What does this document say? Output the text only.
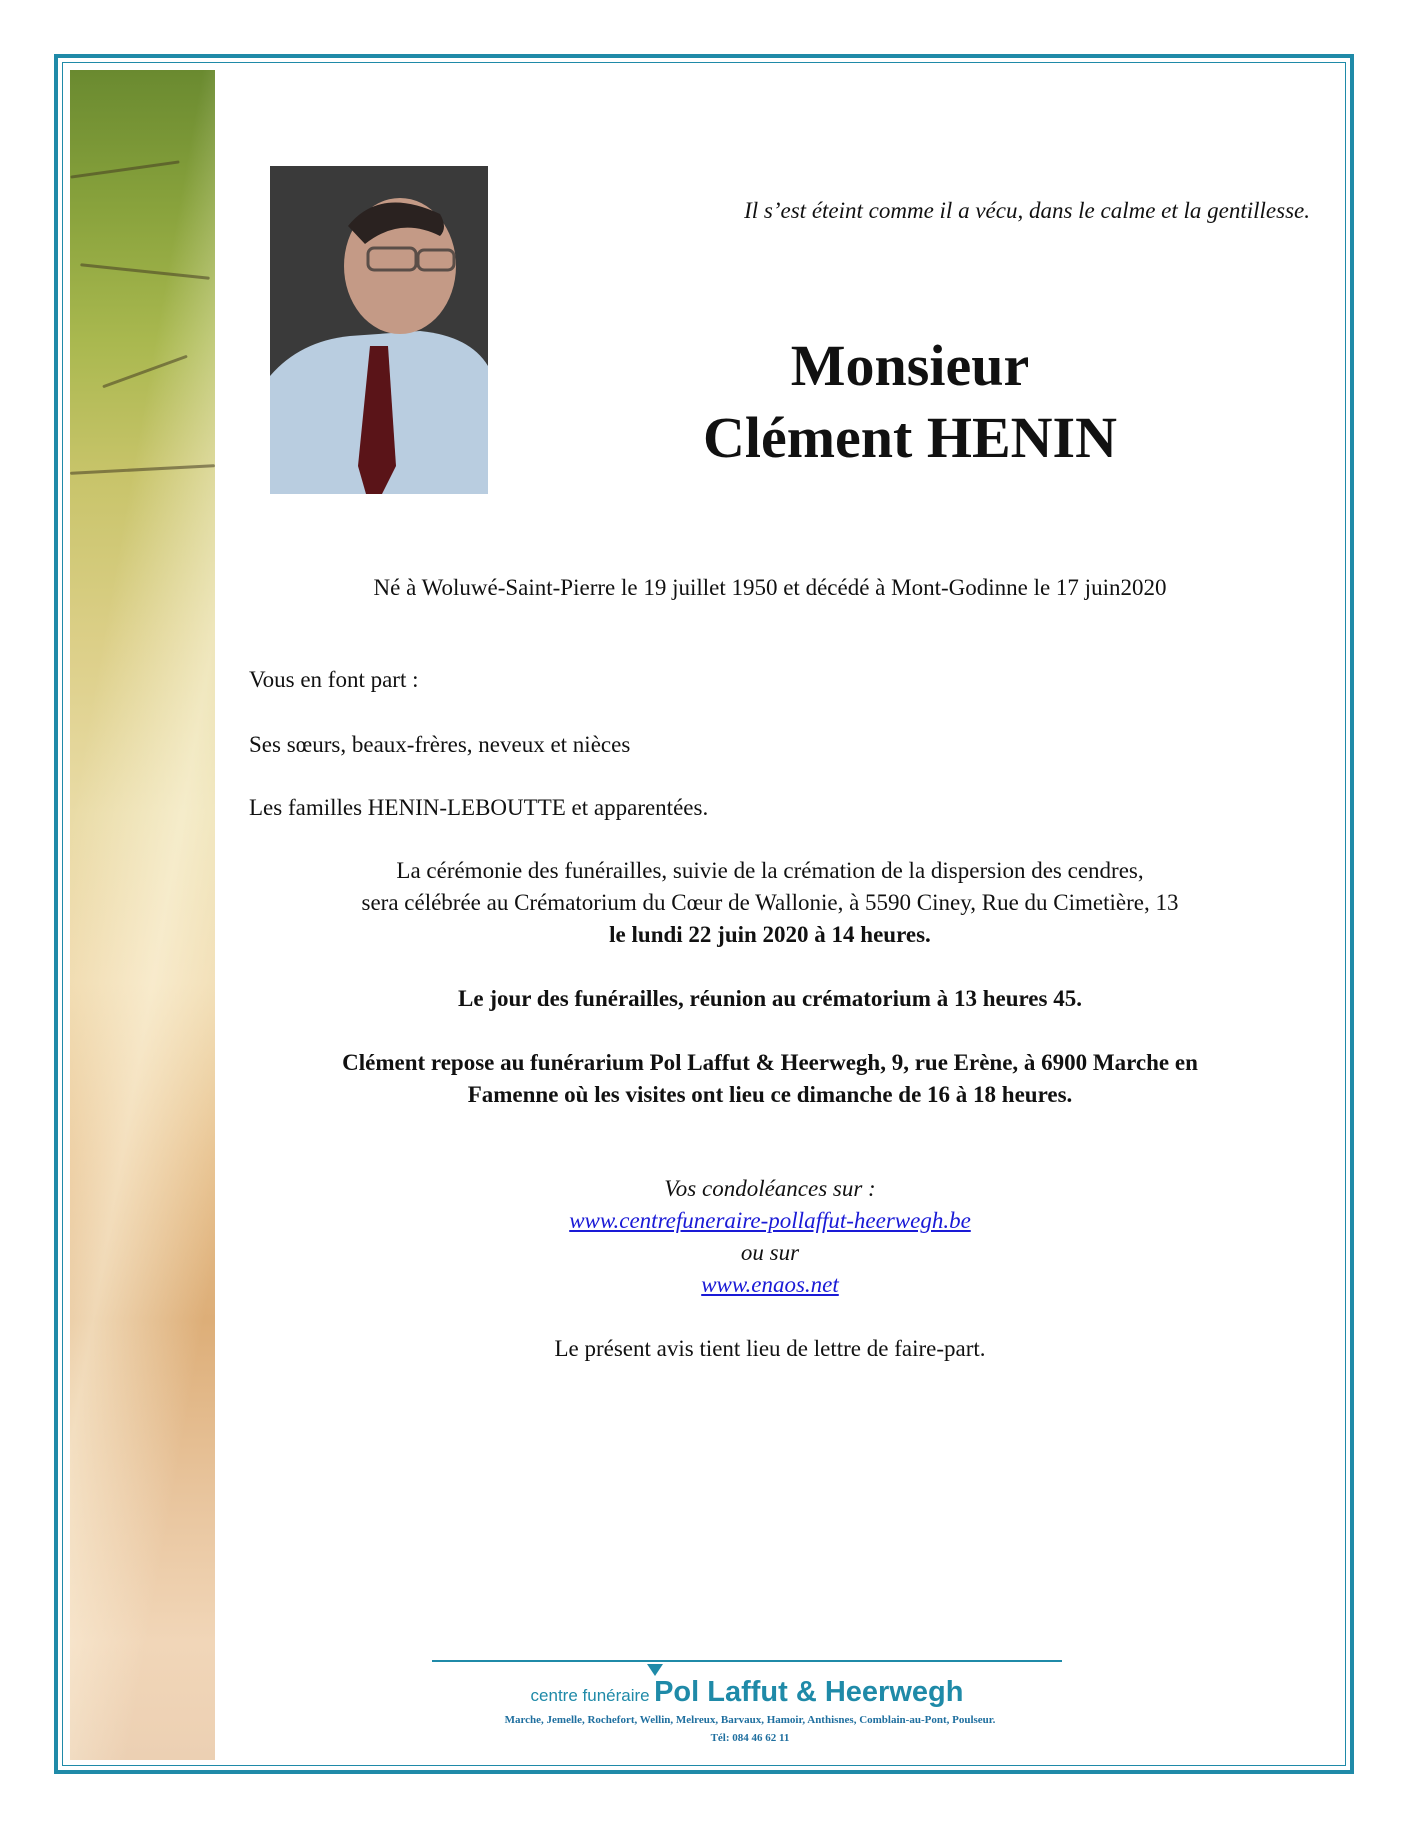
Il s’est éteint comme il a vécu, dans le calme et la gentillesse.
Monsieur
Clément HENIN
Né à Woluwé-Saint-Pierre le 19 juillet 1950 et décédé à Mont-Godinne le 17 juin2020
Vous en font part :
Ses sœurs, beaux-frères, neveux et nièces
Les familles HENIN-LEBOUTTE et apparentées.
La cérémonie des funérailles, suivie de la crémation de la dispersion des cendres,
sera célébrée au Crématorium du Cœur de Wallonie, à 5590 Ciney, Rue du Cimetière, 13
le lundi 22 juin 2020 à 14 heures.
Le jour des funérailles, réunion au crématorium à 13 heures 45.
Clément repose au funérarium Pol Laffut & Heerwegh, 9, rue Erène, à 6900 Marche en
Famenne où les visites ont lieu ce dimanche de 16 à 18 heures.
Vos condoléances sur :
www.centrefuneraire-pollaffut-heerwegh.be
ou sur
www.enaos.net
Le présent avis tient lieu de lettre de faire-part.
centre funéraire Pol Laffut & Heerwegh
Marche, Jemelle, Rochefort, Wellin, Melreux, Barvaux, Hamoir, Anthisnes, Comblain-au-Pont, Poulseur.
Tél: 084 46 62 11
